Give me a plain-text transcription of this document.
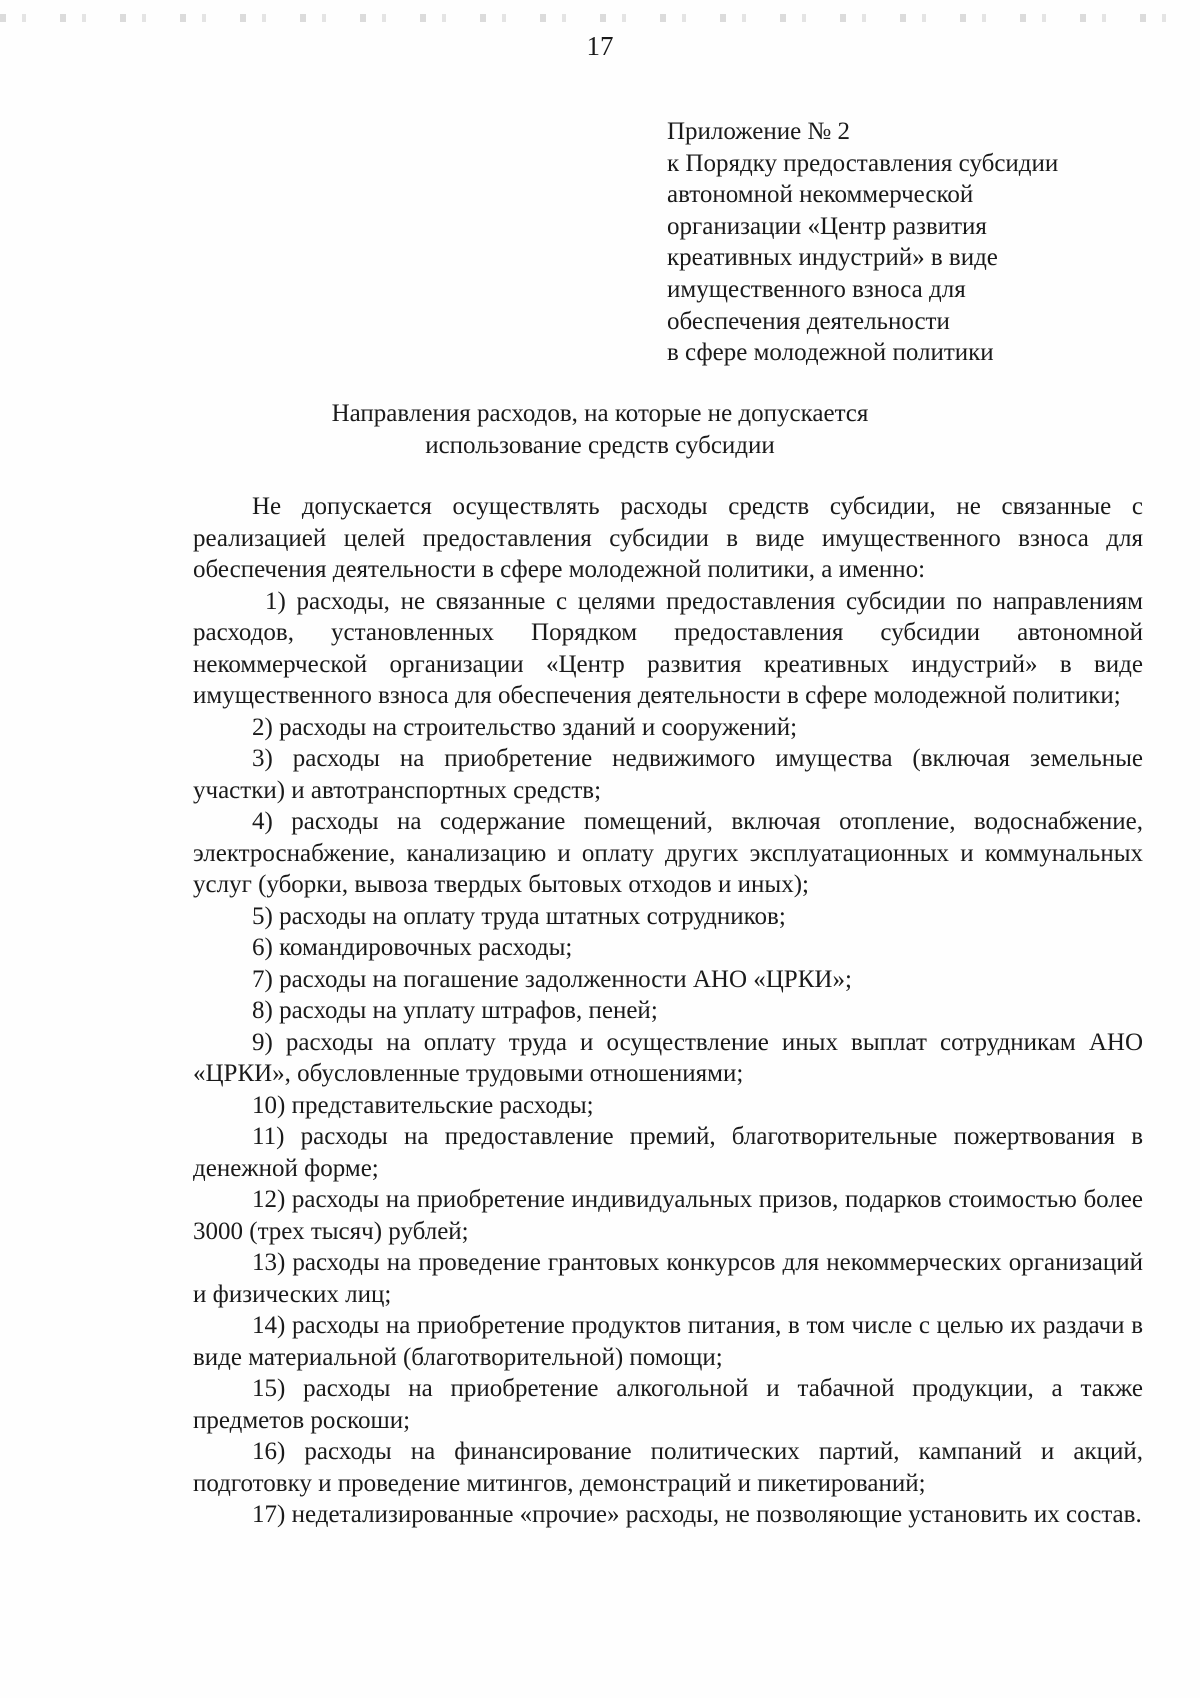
17
Приложение № 2
к Порядку предоставления субсидии
автономной некоммерческой
организации «Центр развития
креативных индустрий» в виде
имущественного взноса для
обеспечения деятельности
в сфере молодежной политики
Направления расходов, на которые не допускается
использование средств субсидии

Не допускается осуществлять расходы средств субсидии, не связанные с реализацией целей предоставления субсидии в виде имущественного взноса для обеспечения деятельности в сфере молодежной политики, а именно:

1) расходы, не связанные с целями предоставления субсидии по направлениям расходов, установленных Порядком предоставления субсидии автономной некоммерческой организации «Центр развития креативных индустрий» в виде имущественного взноса для обеспечения деятельности в сфере молодежной политики;

2) расходы на строительство зданий и сооружений;

3) расходы на приобретение недвижимого имущества (включая земельные участки) и автотранспортных средств;

4) расходы на содержание помещений, включая отопление, водоснабжение, электроснабжение, канализацию и оплату других эксплуатационных и коммунальных услуг (уборки, вывоза твердых бытовых отходов и иных);

5) расходы на оплату труда штатных сотрудников;

6) командировочных расходы;

7) расходы на погашение задолженности АНО «ЦРКИ»;

8) расходы на уплату штрафов, пеней;

9) расходы на оплату труда и осуществление иных выплат сотрудникам АНО «ЦРКИ», обусловленные трудовыми отношениями;

10) представительские расходы;

11) расходы на предоставление премий, благотворительные пожертвования в денежной форме;

12) расходы на приобретение индивидуальных призов, подарков стоимостью более 3000 (трех тысяч) рублей;

13) расходы на проведение грантовых конкурсов для некоммерческих организаций и физических лиц;

14) расходы на приобретение продуктов питания, в том числе с целью их раздачи в виде материальной (благотворительной) помощи;

15) расходы на приобретение алкогольной и табачной продукции, а также предметов роскоши;

16) расходы на финансирование политических партий, кампаний и акций, подготовку и проведение митингов, демонстраций и пикетирований;

17) недетализированные «прочие» расходы, не позволяющие установить их состав.
